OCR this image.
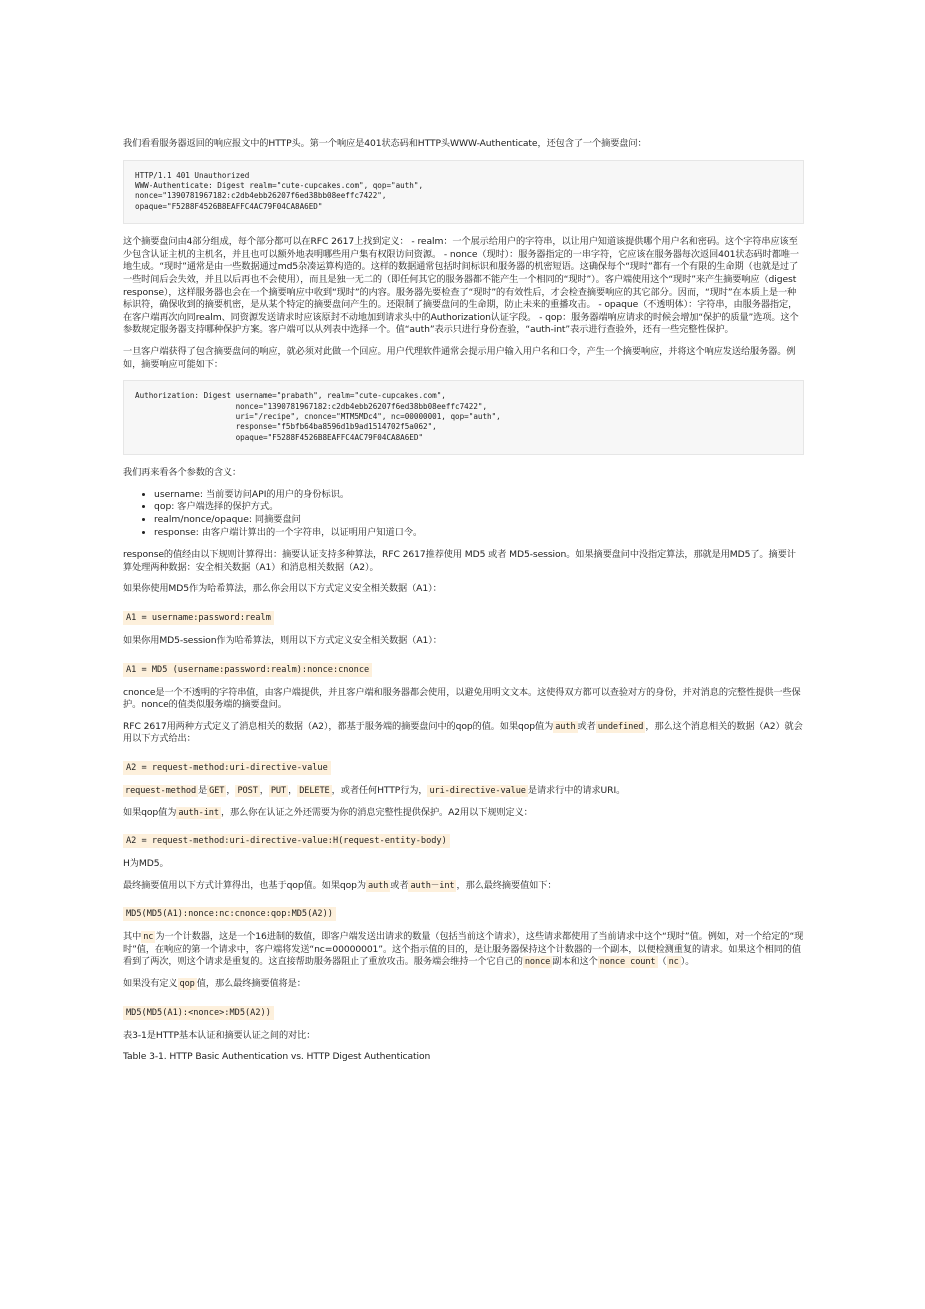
我们看看服务器返回的响应报文中的HTTP头。第一个响应是401状态码和HTTP头WWW-Authenticate，还包含了一个摘要盘问：

HTTP/1.1 401 Unauthorized
WWW-Authenticate: Digest realm="cute-cupcakes.com", qop="auth",
nonce="1390781967182:c2db4ebb26207f6ed38bb08eeffc7422",
opaque="F5288F4526B8EAFFC4AC79F04CA8A6ED"

这个摘要盘问由4部分组成，每个部分都可以在RFC 2617上找到定义： - realm：一个展示给用户的字符串，以让用户知道该提供哪个用户名和密码。这个字符串应该至少包含认证主机的主机名，并且也可以额外地表明哪些用户集有权限访问资源。 - nonce（现时）：服务器指定的一串字符，它应该在服务器每次返回401状态码时都唯一地生成。“现时”通常是由一些数据通过md5杂凑运算构造的。这样的数据通常包括时间标识和服务器的机密短语。这确保每个“现时”都有一个有限的生命期（也就是过了一些时间后会失效，并且以后再也不会使用），而且是独一无二的（即任何其它的服务器都不能产生一个相同的“现时”）。客户端使用这个“现时”来产生摘要响应（digest response），这样服务器也会在一个摘要响应中收到“现时”的内容。服务器先要检查了“现时”的有效性后，才会检查摘要响应的其它部分。因而，“现时”在本质上是一种标识符，确保收到的摘要机密，是从某个特定的摘要盘问产生的。还限制了摘要盘问的生命期，防止未来的重播攻击。 - opaque（不透明体）：字符串，由服务器指定，在客户端再次向同realm、同资源发送请求时应该原封不动地加到请求头中的Authorization认证字段。 - qop：服务器端响应请求的时候会增加“保护的质量”选项。这个参数规定服务器支持哪种保护方案。客户端可以从列表中选择一个。值“auth”表示只进行身份查验，“auth-int”表示进行查验外，还有一些完整性保护。

一旦客户端获得了包含摘要盘问的响应，就必须对此做一个回应。用户代理软件通常会提示用户输入用户名和口令，产生一个摘要响应，并将这个响应发送给服务器。例如，摘要响应可能如下：

Authorization: Digest username="prabath", realm="cute-cupcakes.com",
nonce="1390781967182:c2db4ebb26207f6ed38bb08eeffc7422",
uri="/recipe", cnonce="MTM5MDc4", nc=00000001, qop="auth",
response="f5bfb64ba8596d1b9ad1514702f5a062",
opaque="F5288F4526B8EAFFC4AC79F04CA8A6ED"

我们再来看各个参数的含义：

• username: 当前要访问API的用户的身份标识。
• qop: 客户端选择的保护方式。
• realm/nonce/opaque: 同摘要盘问
• response: 由客户端计算出的一个字符串，以证明用户知道口令。

response的值经由以下规则计算得出：摘要认证支持多种算法，RFC 2617推荐使用 MD5 或者 MD5-session。如果摘要盘问中没指定算法，那就是用MD5了。摘要计算处理两种数据：安全相关数据（A1）和消息相关数据（A2）。

如果你使用MD5作为哈希算法，那么你会用以下方式定义安全相关数据（A1）：

A1 = username:password:realm

如果你用MD5-session作为哈希算法，则用以下方式定义安全相关数据（A1）：

A1 = MD5 (username:password:realm):nonce:cnonce

cnonce是一个不透明的字符串值，由客户端提供，并且客户端和服务器都会使用，以避免用明文文本。这使得双方都可以查验对方的身份，并对消息的完整性提供一些保护。nonce的值类似服务端的摘要盘问。

RFC 2617用两种方式定义了消息相关的数据（A2），都基于服务端的摘要盘问中的qop的值。如果qop值为 auth 或者 undefined ，那么这个消息相关的数据（A2）就会用以下方式给出：

A2 = request-method:uri-directive-value

request-method 是 GET ， POST ， PUT ， DELETE ，或者任何HTTP行为， uri-directive-value 是请求行中的请求URI。

如果qop值为 auth-int ，那么你在认证之外还需要为你的消息完整性提供保护。A2用以下规则定义：

A2 = request-method:uri-directive-value:H(request-entity-body)

H为MD5。

最终摘要值用以下方式计算得出，也基于qop值。如果qop为 auth 或者 auth－int ，那么最终摘要值如下：

MD5(MD5(A1):nonce:nc:cnonce:qop:MD5(A2))

其中 nc 为一个计数器，这是一个16进制的数值，即客户端发送出请求的数量（包括当前这个请求），这些请求都使用了当前请求中这个“现时”值。例如，对一个给定的“现时”值，在响应的第一个请求中，客户端将发送“nc=00000001”。这个指示值的目的，是让服务器保持这个计数器的一个副本，以便检测重复的请求。如果这个相同的值看到了两次，则这个请求是重复的。这直接帮助服务器阻止了重放攻击。服务端会维持一个它自己的 nonce 副本和这个 nonce count （ nc ）。

如果没有定义 qop 值，那么最终摘要值将是：

MD5(MD5(A1):<nonce>:MD5(A2))

表3-1是HTTP基本认证和摘要认证之间的对比：

Table 3-1. HTTP Basic Authentication vs. HTTP Digest Authentication
